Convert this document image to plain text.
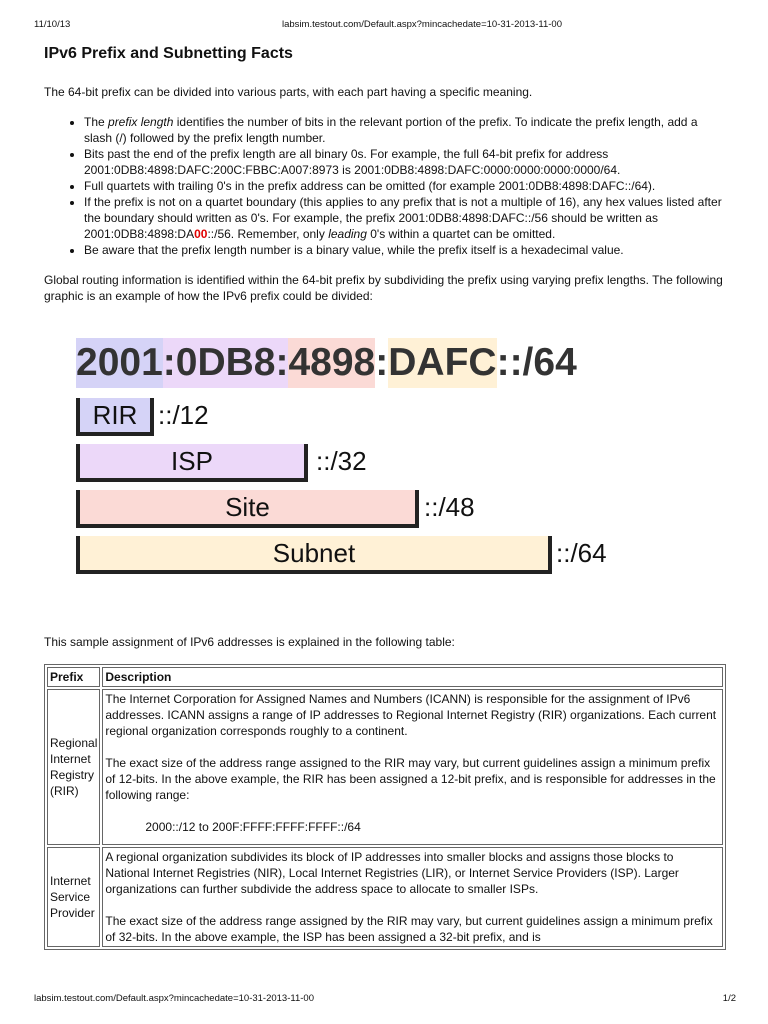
11/10/13	labsim.testout.com/Default.aspx?mincachedate=10-31-2013-11-00
IPv6 Prefix and Subnetting Facts

The 64-bit prefix can be divided into various parts, with each part having a specific meaning.

• The prefix length identifies the number of bits in the relevant portion of the prefix. To indicate the prefix length, add a slash (/) followed by the prefix length number.
• Bits past the end of the prefix length are all binary 0s. For example, the full 64-bit prefix for address 2001:0DB8:4898:DAFC:200C:FBBC:A007:8973 is 2001:0DB8:4898:DAFC:0000:0000:0000:0000/64.
• Full quartets with trailing 0's in the prefix address can be omitted (for example 2001:0DB8:4898:DAFC::/64).
• If the prefix is not on a quartet boundary (this applies to any prefix that is not a multiple of 16), any hex values listed after the boundary should written as 0's. For example, the prefix 2001:0DB8:4898:DAFC::/56 should be written as 2001:0DB8:4898:DA00::/56. Remember, only leading 0's within a quartet can be omitted.
• Be aware that the prefix length number is a binary value, while the prefix itself is a hexadecimal value.

Global routing information is identified within the 64-bit prefix by subdividing the prefix using varying prefix lengths. The following graphic is an example of how the IPv6 prefix could be divided:

2001:0DB8:4898:DAFC::/64
RIR ::/12
ISP	::/32
Site	::/48
Subnet	::/64

This sample assignment of IPv6 addresses is explained in the following table:

Prefix	Description
Regional Internet Registry (RIR)	The Internet Corporation for Assigned Names and Numbers (ICANN) is responsible for the assignment of IPv6 addresses. ICANN assigns a range of IP addresses to Regional Internet Registry (RIR) organizations. Each current regional organization corresponds roughly to a continent.

The exact size of the address range assigned to the RIR may vary, but current guidelines assign a minimum prefix of 12-bits. In the above example, the RIR has been assigned a 12-bit prefix, and is responsible for addresses in the following range:

2000::/12 to 200F:FFFF:FFFF:FFFF::/64

Internet Service Provider	A regional organization subdivides its block of IP addresses into smaller blocks and assigns those blocks to National Internet Registries (NIR), Local Internet Registries (LIR), or Internet Service Providers (ISP). Larger organizations can further subdivide the address space to allocate to smaller ISPs.

The exact size of the address range assigned by the RIR may vary, but current guidelines assign a minimum prefix of 32-bits. In the above example, the ISP has been assigned a 32-bit prefix, and is

labsim.testout.com/Default.aspx?mincachedate=10-31-2013-11-00	1/2
